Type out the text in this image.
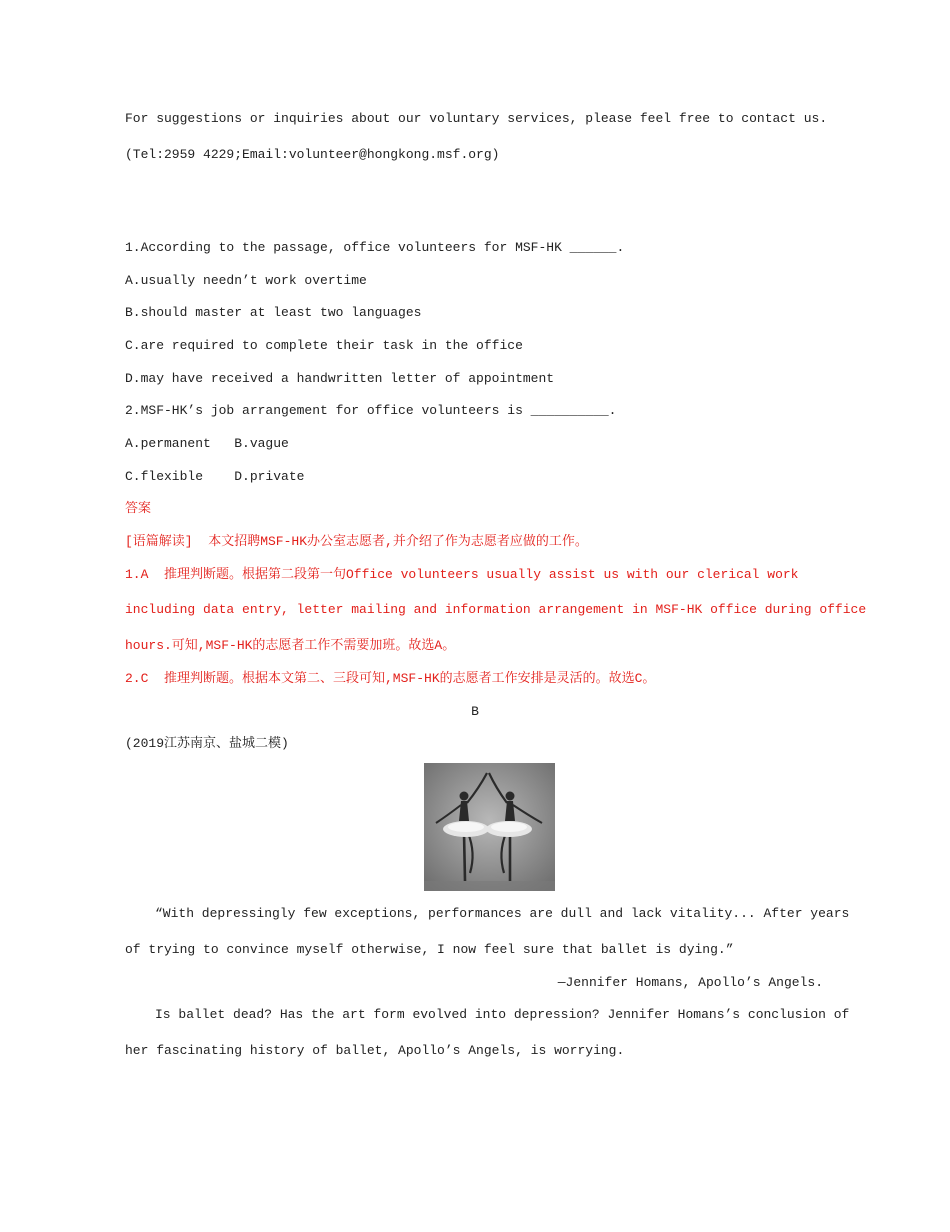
For suggestions or inquiries about our voluntary services, please feel free to contact us.
(Tel:2959 4229;Email:volunteer@hongkong.msf.org)
1.According to the passage, office volunteers for MSF-HK ______.
A.usually needn’t work overtime
B.should master at least two languages
C.are required to complete their task in the office
D.may have received a handwritten letter of appointment
2.MSF-HK’s job arrangement for office volunteers is __________.
A.permanent   B.vague
C.flexible    D.private
答案
[语篇解读]  本文招聘MSF-HK办公室志愿者,并介绍了作为志愿者应做的工作。
1.A  推理判断题。根据第二段第一句Office volunteers usually assist us with our clerical work
including data entry, letter mailing and information arrangement in MSF-HK office during office
hours.可知,MSF-HK的志愿者工作不需要加班。故选A。
2.C  推理判断题。根据本文第二、三段可知,MSF-HK的志愿者工作安排是灵活的。故选C。
B
(2019江苏南京、盐城二模)
“With depressingly few exceptions, performances are dull and lack vitality... After years
of trying to convince myself otherwise, I now feel sure that ballet is dying.”
—Jennifer Homans, Apollo’s Angels.
Is ballet dead? Has the art form evolved into depression? Jennifer Homans’s conclusion of
her fascinating history of ballet, Apollo’s Angels, is worrying.
